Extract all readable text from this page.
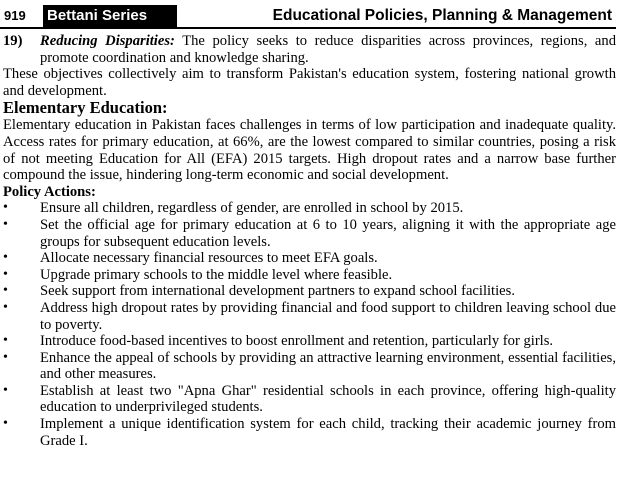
919 Bettani Series	Educational Policies, Planning & Management
19)	Reducing Disparities: The policy seeks to reduce disparities across provinces, regions, and promote coordination and knowledge sharing.

These objectives collectively aim to transform Pakistan's education system, fostering national growth and development.

Elementary Education:

Elementary education in Pakistan faces challenges in terms of low participation and inadequate quality. Access rates for primary education, at 66%, are the lowest compared to similar countries, posing a risk of not meeting Education for All (EFA) 2015 targets. High dropout rates and a narrow base further compound the issue, hindering long-term economic and social development.

Policy Actions:
•	Ensure all children, regardless of gender, are enrolled in school by 2015.
•	Set the official age for primary education at 6 to 10 years, aligning it with the appropriate age groups for subsequent education levels.
•	Allocate necessary financial resources to meet EFA goals.
•	Upgrade primary schools to the middle level where feasible.
•	Seek support from international development partners to expand school facilities.
•	Address high dropout rates by providing financial and food support to children leaving school due to poverty.
•	Introduce food-based incentives to boost enrollment and retention, particularly for girls.
•	Enhance the appeal of schools by providing an attractive learning environment, essential facilities, and other measures.
•	Establish at least two "Apna Ghar" residential schools in each province, offering high-quality education to underprivileged students.
•	Implement a unique identification system for each child, tracking their academic journey from Grade I.
